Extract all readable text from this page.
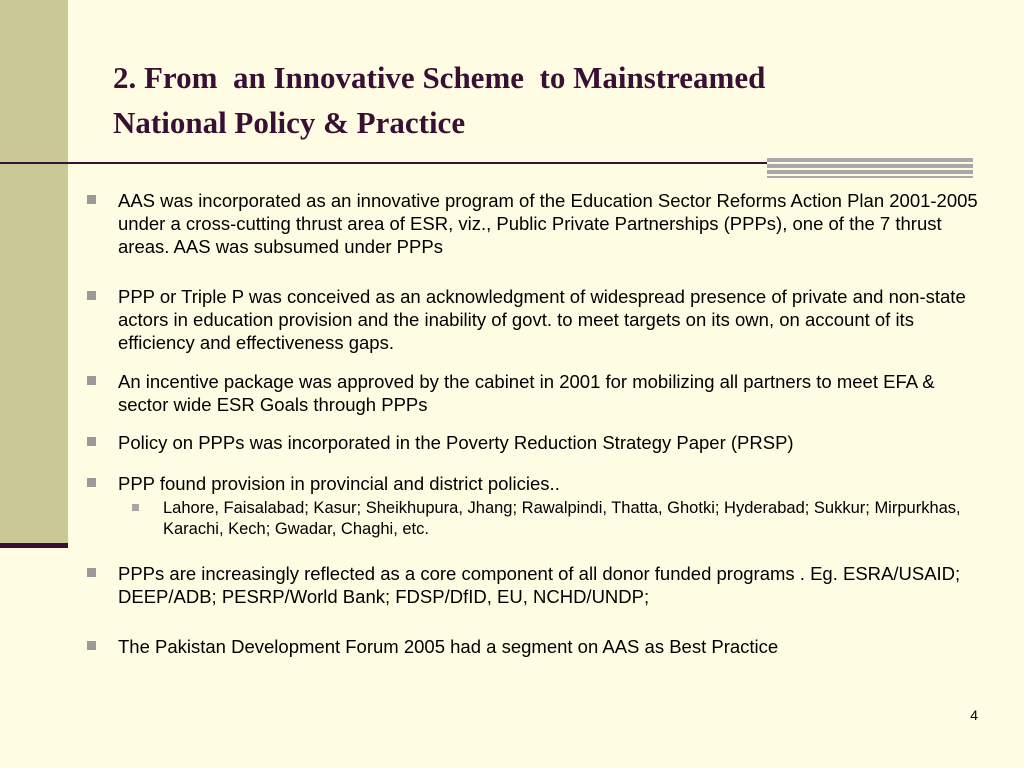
2. From  an Innovative Scheme  to Mainstreamed
National Policy & Practice
AAS was incorporated as an innovative program of the Education Sector Reforms Action Plan 2001-2005 under a cross-cutting thrust area of ESR, viz., Public Private Partnerships (PPPs), one of the 7 thrust areas. AAS was subsumed under PPPs
PPP or Triple P was conceived as an acknowledgment of widespread presence of private and non-state actors in education provision and the inability of govt. to meet targets on its own, on account of its efficiency and effectiveness gaps.
An incentive package was approved by the cabinet in 2001 for mobilizing all partners to meet EFA & sector wide ESR Goals through PPPs
Policy on PPPs was incorporated in the Poverty Reduction Strategy Paper (PRSP)
PPP found provision in provincial and district policies..
Lahore, Faisalabad; Kasur; Sheikhupura, Jhang; Rawalpindi, Thatta, Ghotki; Hyderabad; Sukkur; Mirpurkhas, Karachi, Kech; Gwadar, Chaghi, etc.
PPPs are increasingly reflected as a core component of all donor funded programs . Eg. ESRA/USAID; DEEP/ADB; PESRP/World Bank; FDSP/DfID, EU, NCHD/UNDP;
The Pakistan Development Forum 2005 had a segment on AAS as Best Practice
4
